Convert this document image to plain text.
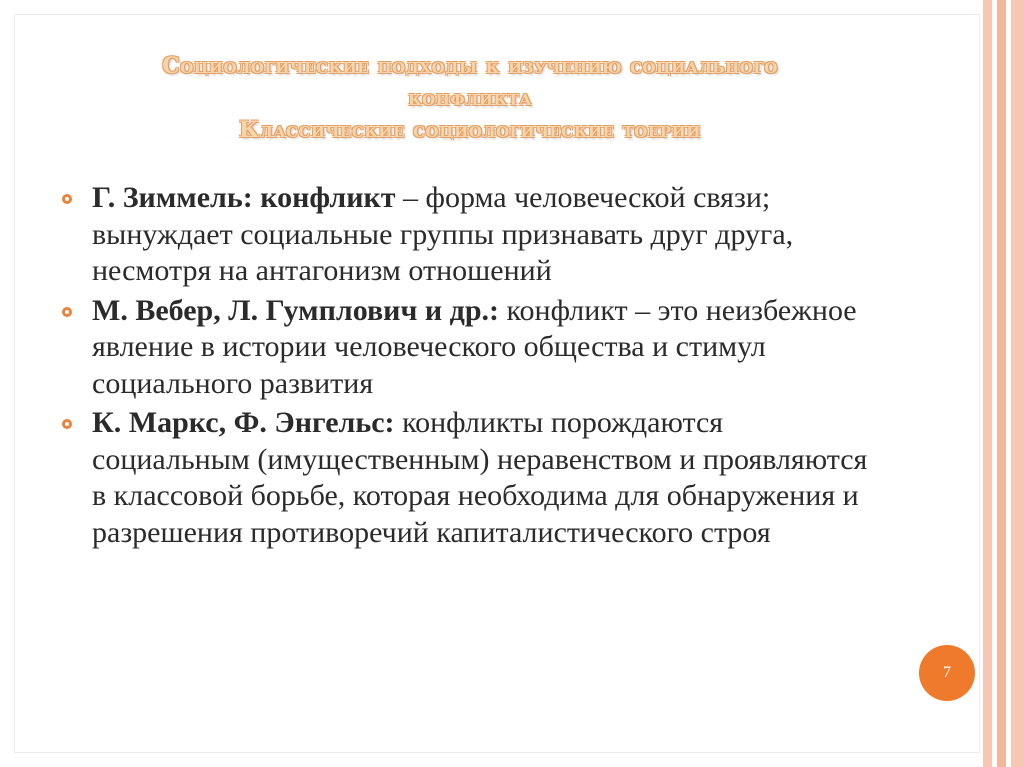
Социологические подходы к изучению социального
конфликта
Классические социологические тоерии
Г. Зиммель: конфликт – форма человеческой связи; вынуждает социальные группы признавать друг друга, несмотря на антагонизм отношений
М. Вебер, Л. Гумплович и др.: конфликт – это неизбежное явление в истории человеческого общества и стимул социального развития
К. Маркс, Ф. Энгельс: конфликты порождаются социальным (имущественным) неравенством и проявляются в классовой борьбе, которая необходима для обнаружения и разрешения противоречий капиталистического строя
7
